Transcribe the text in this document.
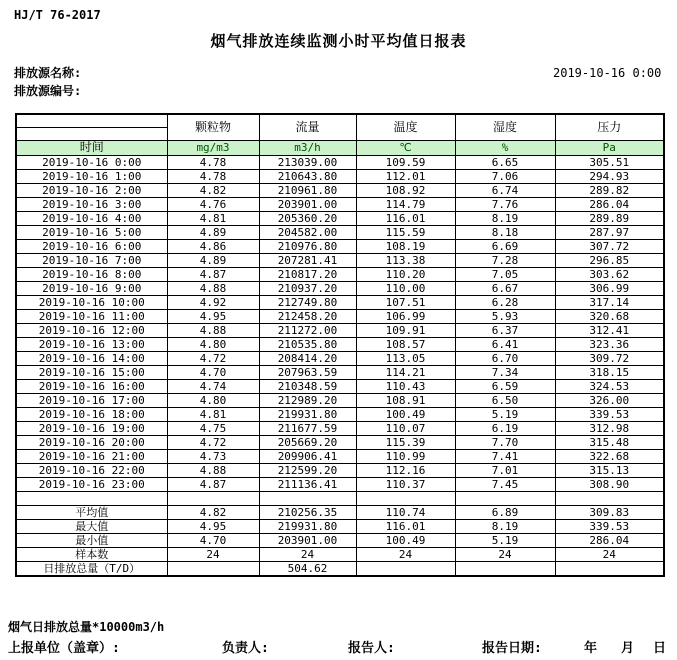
HJ/T 76-2017
烟气排放连续监测小时平均值日报表
排放源名称:
排放源编号:
2019-10-16 0:00
	颗粒物	流量	温度	湿度	压力

时间	mg/m3	m3/h	℃	%	Pa
2019-10-16 0:00	4.78	213039.00	109.59	6.65	305.51
2019-10-16 1:00	4.78	210643.80	112.01	7.06	294.93
2019-10-16 2:00	4.82	210961.80	108.92	6.74	289.82
2019-10-16 3:00	4.76	203901.00	114.79	7.76	286.04
2019-10-16 4:00	4.81	205360.20	116.01	8.19	289.89
2019-10-16 5:00	4.89	204582.00	115.59	8.18	287.97
2019-10-16 6:00	4.86	210976.80	108.19	6.69	307.72
2019-10-16 7:00	4.89	207281.41	113.38	7.28	296.85
2019-10-16 8:00	4.87	210817.20	110.20	7.05	303.62
2019-10-16 9:00	4.88	210937.20	110.00	6.67	306.99
2019-10-16 10:00	4.92	212749.80	107.51	6.28	317.14
2019-10-16 11:00	4.95	212458.20	106.99	5.93	320.68
2019-10-16 12:00	4.88	211272.00	109.91	6.37	312.41
2019-10-16 13:00	4.80	210535.80	108.57	6.41	323.36
2019-10-16 14:00	4.72	208414.20	113.05	6.70	309.72
2019-10-16 15:00	4.70	207963.59	114.21	7.34	318.15
2019-10-16 16:00	4.74	210348.59	110.43	6.59	324.53
2019-10-16 17:00	4.80	212989.20	108.91	6.50	326.00
2019-10-16 18:00	4.81	219931.80	100.49	5.19	339.53
2019-10-16 19:00	4.75	211677.59	110.07	6.19	312.98
2019-10-16 20:00	4.72	205669.20	115.39	7.70	315.48
2019-10-16 21:00	4.73	209906.41	110.99	7.41	322.68
2019-10-16 22:00	4.88	212599.20	112.16	7.01	315.13
2019-10-16 23:00	4.87	211136.41	110.37	7.45	308.90

平均值	4.82	210256.35	110.74	6.89	309.83
最大值	4.95	219931.80	116.01	8.19	339.53
最小值	4.70	203901.00	100.49	5.19	286.04
样本数	24	24	24	24	24
日排放总量（T/D）		504.62			
烟气日排放总量*10000m3/h
上报单位（盖章）:	负责人:	报告人:	报告日期:	年 月 日
